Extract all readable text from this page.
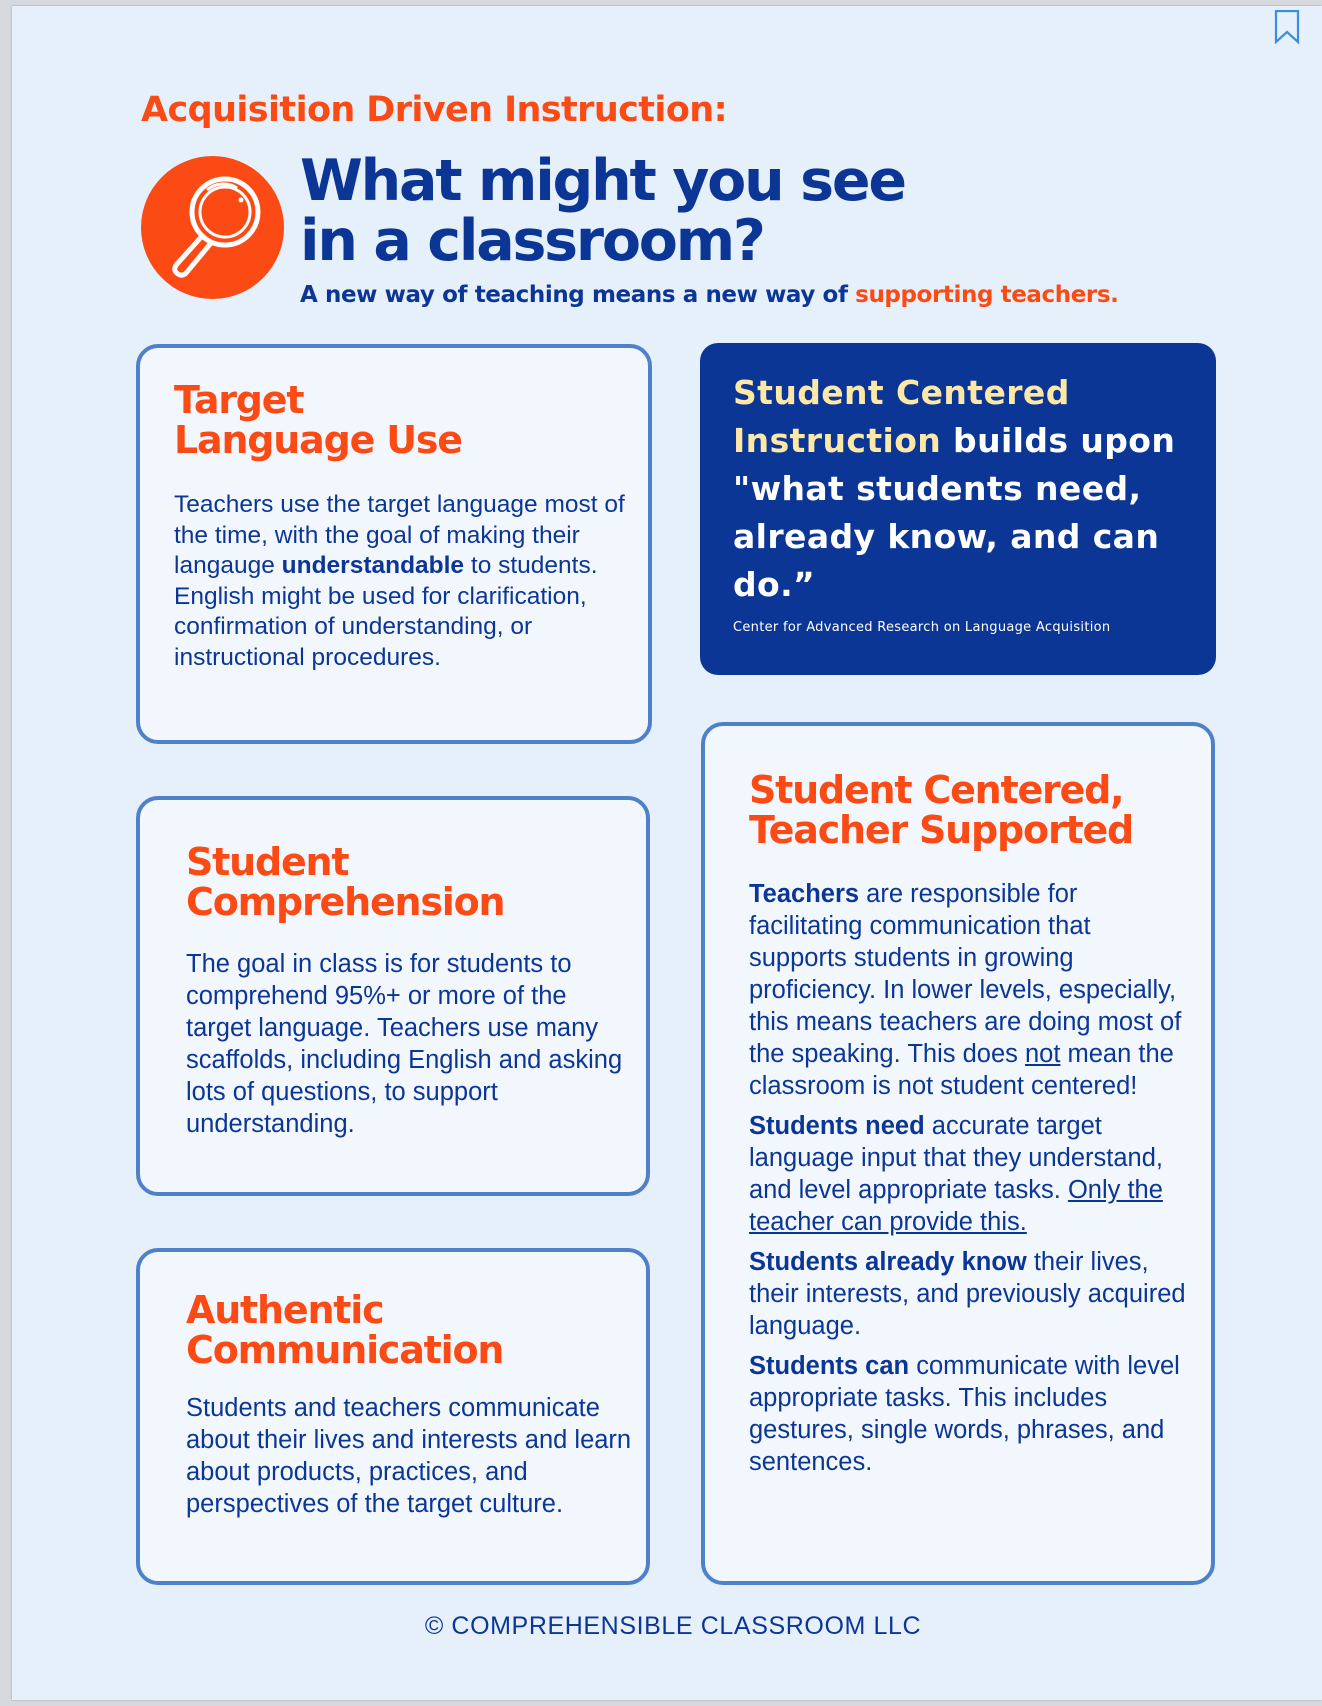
Acquisition Driven Instruction:
What might you see
in a classroom?
A new way of teaching means a new way of supporting teachers.
Target
Language Use
Teachers use the target language most of the time, with the goal of making their langauge understandable to students. English might be used for clarification, confirmation of understanding, or instructional procedures.
Student Centered Instruction builds upon "what students need, already know, and can do.”
Center for Advanced Research on Language Acquisition
Student
Comprehension
The goal in class is for students to comprehend 95%+ or more of the target language. Teachers use many scaffolds, including English and asking lots of questions, to support understanding.
Authentic
Communication
Students and teachers communicate about their lives and interests and learn about products, practices, and perspectives of the target culture.
Student Centered,
Teacher Supported

Teachers are responsible for facilitating communication that supports students in growing proficiency. In lower levels, especially, this means teachers are doing most of the speaking. This does not mean the classroom is not student centered!

Students need accurate target language input that they understand, and level appropriate tasks. Only the teacher can provide this.

Students already know their lives, their interests, and previously acquired language.

Students can communicate with level appropriate tasks. This includes gestures, single words, phrases, and sentences.

© COMPREHENSIBLE CLASSROOM LLC
